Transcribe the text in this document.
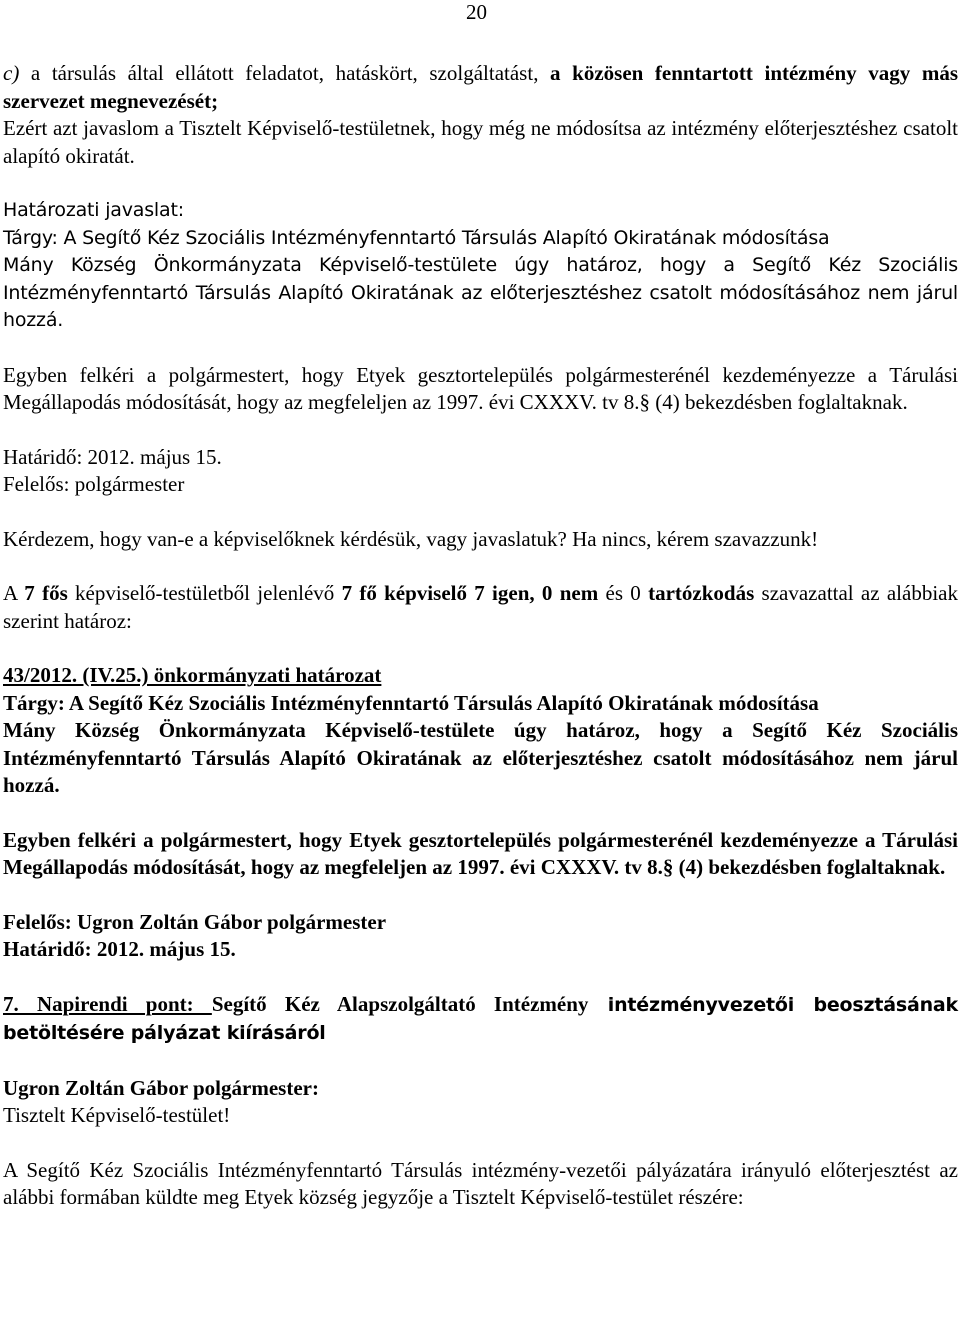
20

c) a társulás által ellátott feladatot, hatáskört, szolgáltatást, a közösen fenntartott intézmény vagy más szervezet megnevezését;

Ezért azt javaslom a Tisztelt Képviselő-testületnek, hogy még ne módosítsa az intézmény előterjesztéshez csatolt alapító okiratát.

Határozati javaslat:

Tárgy: A Segítő Kéz Szociális Intézményfenntartó Társulás Alapító Okiratának módosítása

Mány Község Önkormányzata Képviselő-testülete úgy határoz, hogy a Segítő Kéz Szociális Intézményfenntartó Társulás Alapító Okiratának az előterjesztéshez csatolt módosításához nem járul hozzá.

Egyben felkéri a polgármestert, hogy Etyek gesztortelepülés polgármesterénél kezdeményezze a Tárulási Megállapodás módosítását, hogy az megfeleljen az 1997. évi CXXXV. tv 8.§ (4) bekezdésben foglaltaknak.

Határidő: 2012. május 15.

Felelős: polgármester

Kérdezem, hogy van-e a képviselőknek kérdésük, vagy javaslatuk? Ha nincs, kérem szavazzunk!

A 7 fős képviselő-testületből jelenlévő 7 fő képviselő 7 igen, 0 nem és 0 tartózkodás szavazattal az alábbiak szerint határoz:

43/2012. (IV.25.) önkormányzati határozat

Tárgy: A Segítő Kéz Szociális Intézményfenntartó Társulás Alapító Okiratának módosítása

Mány Község Önkormányzata Képviselő-testülete úgy határoz, hogy a Segítő Kéz Szociális Intézményfenntartó Társulás Alapító Okiratának az előterjesztéshez csatolt módosításához nem járul hozzá.

Egyben felkéri a polgármestert, hogy Etyek gesztortelepülés polgármesterénél kezdeményezze a Tárulási Megállapodás módosítását, hogy az megfeleljen az 1997. évi CXXXV. tv 8.§ (4) bekezdésben foglaltaknak.

Felelős: Ugron Zoltán Gábor polgármester

Határidő: 2012. május 15.

7. Napirendi pont: Segítő Kéz Alapszolgáltató Intézmény intézményvezetői beosztásának betöltésére pályázat kiírásáról

Ugron Zoltán Gábor polgármester:

Tisztelt Képviselő-testület!

A Segítő Kéz Szociális Intézményfenntartó Társulás intézmény-vezetői pályázatára irányuló előterjesztést az alábbi formában küldte meg Etyek község jegyzője a Tisztelt Képviselő-testület részére:
